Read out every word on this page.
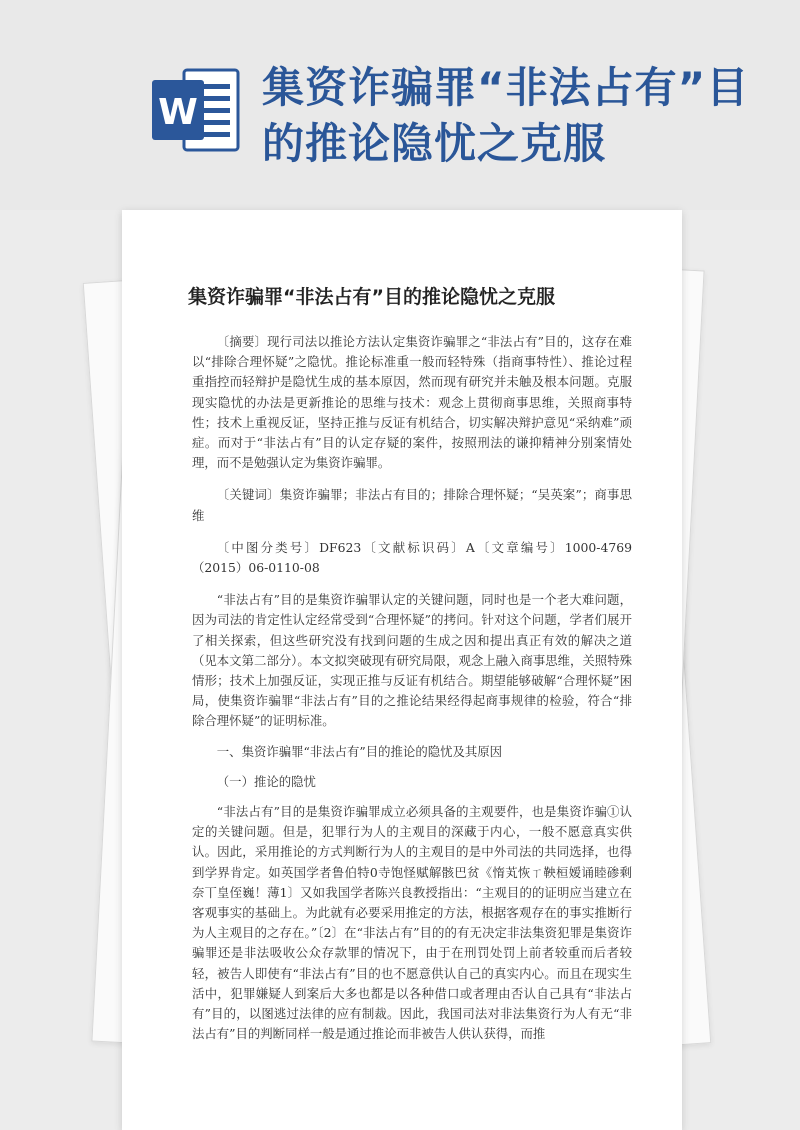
W
集资诈骗罪“非法占有”目的推论隐忧之克服
集资诈骗罪“非法占有”目的推论隐忧之克服

〔摘要〕现行司法以推论方法认定集资诈骗罪之“非法占有”目的，这存在难以“排除合理怀疑”之隐忧。推论标准重一般而轻特殊（指商事特性）、推论过程重指控而轻辩护是隐忧生成的基本原因，然而现有研究并未触及根本问题。克服现实隐忧的办法是更新推论的思维与技术：观念上贯彻商事思维，关照商事特性；技术上重视反证，坚持正推与反证有机结合，切实解决辩护意见“采纳难”顽症。而对于“非法占有”目的认定存疑的案件，按照刑法的谦抑精神分别案情处理，而不是勉强认定为集资诈骗罪。

〔关键词〕集资诈骗罪；非法占有目的；排除合理怀疑；“吴英案”；商事思维

〔中图分类号〕DF623〔文献标识码〕A〔文章编号〕1000-4769（2015）06-0110-08

“非法占有”目的是集资诈骗罪认定的关键问题，同时也是一个老大难问题，因为司法的肯定性认定经常受到“合理怀疑”的拷问。针对这个问题，学者们展开了相关探索，但这些研究没有找到问题的生成之因和提出真正有效的解决之道（见本文第二部分）。本文拟突破现有研究局限，观念上融入商事思维，关照特殊情形；技术上加强反证，实现正推与反证有机结合。期望能够破解“合理怀疑”困局，使集资诈骗罪“非法占有”目的之推论结果经得起商事规律的检验，符合“排除合理怀疑”的证明标准。

一、集资诈骗罪“非法占有”目的推论的隐忧及其原因
（一）推论的隐忧

“非法占有”目的是集资诈骗罪成立必须具备的主观要件，也是集资诈骗①认定的关键问题。但是，犯罪行为人的主观目的深藏于内心，一般不愿意真实供认。因此，采用推论的方式判断行为人的主观目的是中外司法的共同选择，也得到学界肯定。如英国学者鲁伯特0寺饱怪赋解骸巴贫《惰芄恢ㄒ鞅桓嫒诵睦碜剩奈丅皇侄巍！薄1〕又如我国学者陈兴良教授指出：“主观目的的证明应当建立在客观事实的基础上。为此就有必要采用推定的方法，根据客观存在的事实推断行为人主观目的之存在。”〔2〕在“非法占有”目的的有无决定非法集资犯罪是集资诈骗罪还是非法吸收公众存款罪的情况下，由于在刑罚处罚上前者较重而后者较轻，被告人即使有“非法占有”目的也不愿意供认自己的真实内心。而且在现实生活中，犯罪嫌疑人到案后大多也都是以各种借口或者理由否认自己具有“非法占有”目的，以图逃过法律的应有制裁。因此，我国司法对非法集资行为人有无“非法占有”目的判断同样一般是通过推论而非被告人供认获得，而推
